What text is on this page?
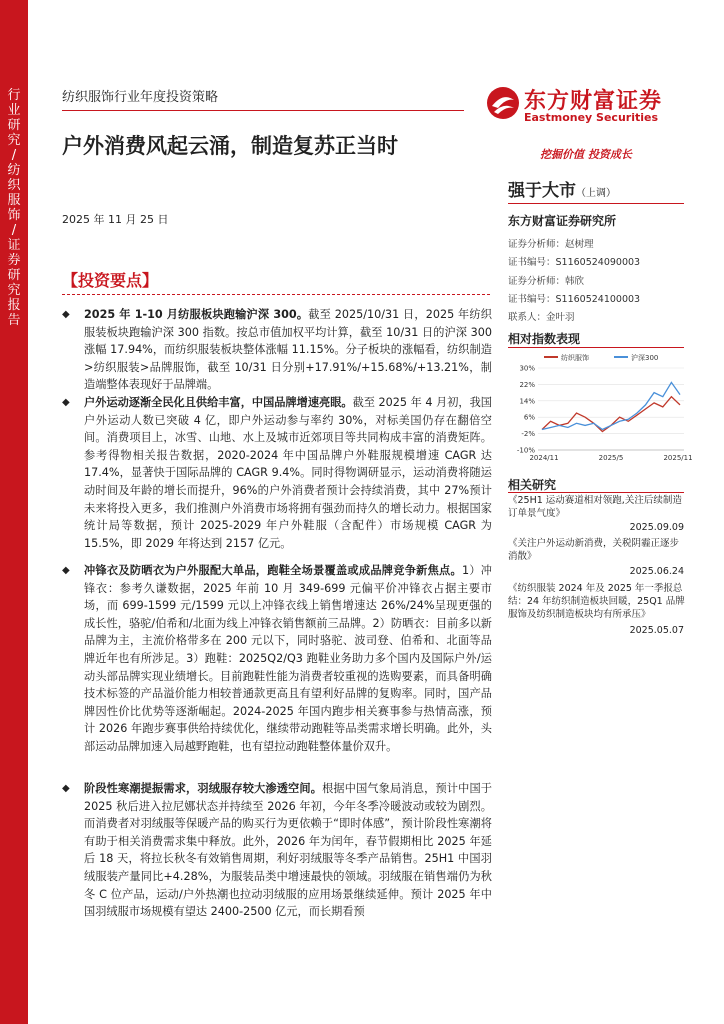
行业研究 / 纺织服饰 / 证券研究报告
纺织服饰行业年度投资策略
户外消费风起云涌，制造复苏正当时
2025 年 11 月 25 日
东方财富证券
Eastmoney Securities
挖掘价值 投资成长
【投资要点】
◆ 2025 年 1-10 月纺服板块跑输沪深 300。截至 2025/10/31 日，2025 年纺织服装板块跑输沪深 300 指数。按总市值加权平均计算，截至 10/31 日的沪深 300 涨幅 17.94%，而纺织服装板块整体涨幅 11.15%。分子板块的涨幅看，纺织制造>纺织服装>品牌服饰，截至 10/31 日分别+17.91%/+15.68%/+13.21%，制造端整体表现好于品牌端。
◆ 户外运动逐渐全民化且供给丰富，中国品牌增速亮眼。截至 2025 年 4 月初，我国户外运动人数已突破 4 亿，即户外运动参与率约 30%，对标美国仍存在翻倍空间。消费项目上，冰雪、山地、水上及城市近郊项目等共同构成丰富的消费矩阵。参考得物相关报告数据，2020-2024 年中国品牌户外鞋服规模增速 CAGR 达 17.4%，显著快于国际品牌的 CAGR 9.4%。同时得物调研显示，运动消费将随运动时间及年龄的增长而提升，96%的户外消费者预计会持续消费，其中 27%预计未来将投入更多，我们推测户外消费市场将拥有强劲而持久的增长动力。根据国家统计局等数据，预计 2025-2029 年户外鞋服（含配件）市场规模 CAGR 为 15.5%，即 2029 年将达到 2157 亿元。
◆ 冲锋衣及防晒衣为户外服配大单品，跑鞋全场景覆盖或成品牌竞争新焦点。1）冲锋衣：参考久谦数据，2025 年前 10 月 349-699 元偏平价冲锋衣占据主要市场，而 699-1599 元/1599 元以上冲锋衣线上销售增速达 26%/24%呈现更强的成长性，骆驼/伯希和/北面为线上冲锋衣销售额前三品牌。2）防晒衣：目前多以新品牌为主，主流价格带多在 200 元以下，同时骆驼、波司登、伯希和、北面等品牌近年也有所涉足。3）跑鞋：2025Q2/Q3 跑鞋业务助力多个国内及国际户外/运动头部品牌实现业绩增长。目前跑鞋性能为消费者较重视的选购要素，而具备明确技术标签的产品溢价能力相较普通款更高且有望利好品牌的复购率。同时，国产品牌因性价比优势等逐渐崛起。2024-2025 年国内跑步相关赛事参与热情高涨，预计 2026 年跑步赛事供给持续优化，继续带动跑鞋等品类需求增长明确。此外，头部运动品牌加速入局越野跑鞋，也有望拉动跑鞋整体量价双升。
◆ 阶段性寒潮提振需求，羽绒服存较大渗透空间。根据中国气象局消息，预计中国于 2025 秋后进入拉尼娜状态并持续至 2026 年初，今年冬季冷暖波动或较为剧烈。而消费者对羽绒服等保暖产品的购买行为更依赖于“即时体感”，预计阶段性寒潮将有助于相关消费需求集中释放。此外，2026 年为闰年，春节假期相比 2025 年延后 18 天，将拉长秋冬有效销售周期，利好羽绒服等冬季产品销售。25H1 中国羽绒服装产量同比+4.28%，为服装品类中增速最快的领域。羽绒服在销售端仍为秋冬 C 位产品，运动/户外热潮也拉动羽绒服的应用场景继续延伸。预计 2025 年中国羽绒服市场规模有望达 2400-2500 亿元，而长期看预
强于大市（上调）
东方财富证券研究所
证券分析师：赵树理
证书编号：S1160524090003
证券分析师：韩欣
证书编号：S1160524100003
联系人：金叶羽
相对指数表现
纺织服饰	沪深300
30%
22%
14%
6%
-2%
-10%
2024/11	2025/5	2025/11
相关研究
《25H1 运动赛道相对领跑,关注后续制造订单景气度》
2025.09.09
《关注户外运动新消费，关税阴霾正逐步消散》
2025.06.24
《纺织服装 2024 年及 2025 年一季报总结：24 年纺织制造板块回暖，25Q1 品牌服饰及纺织制造板块均有所承压》
2025.05.07
